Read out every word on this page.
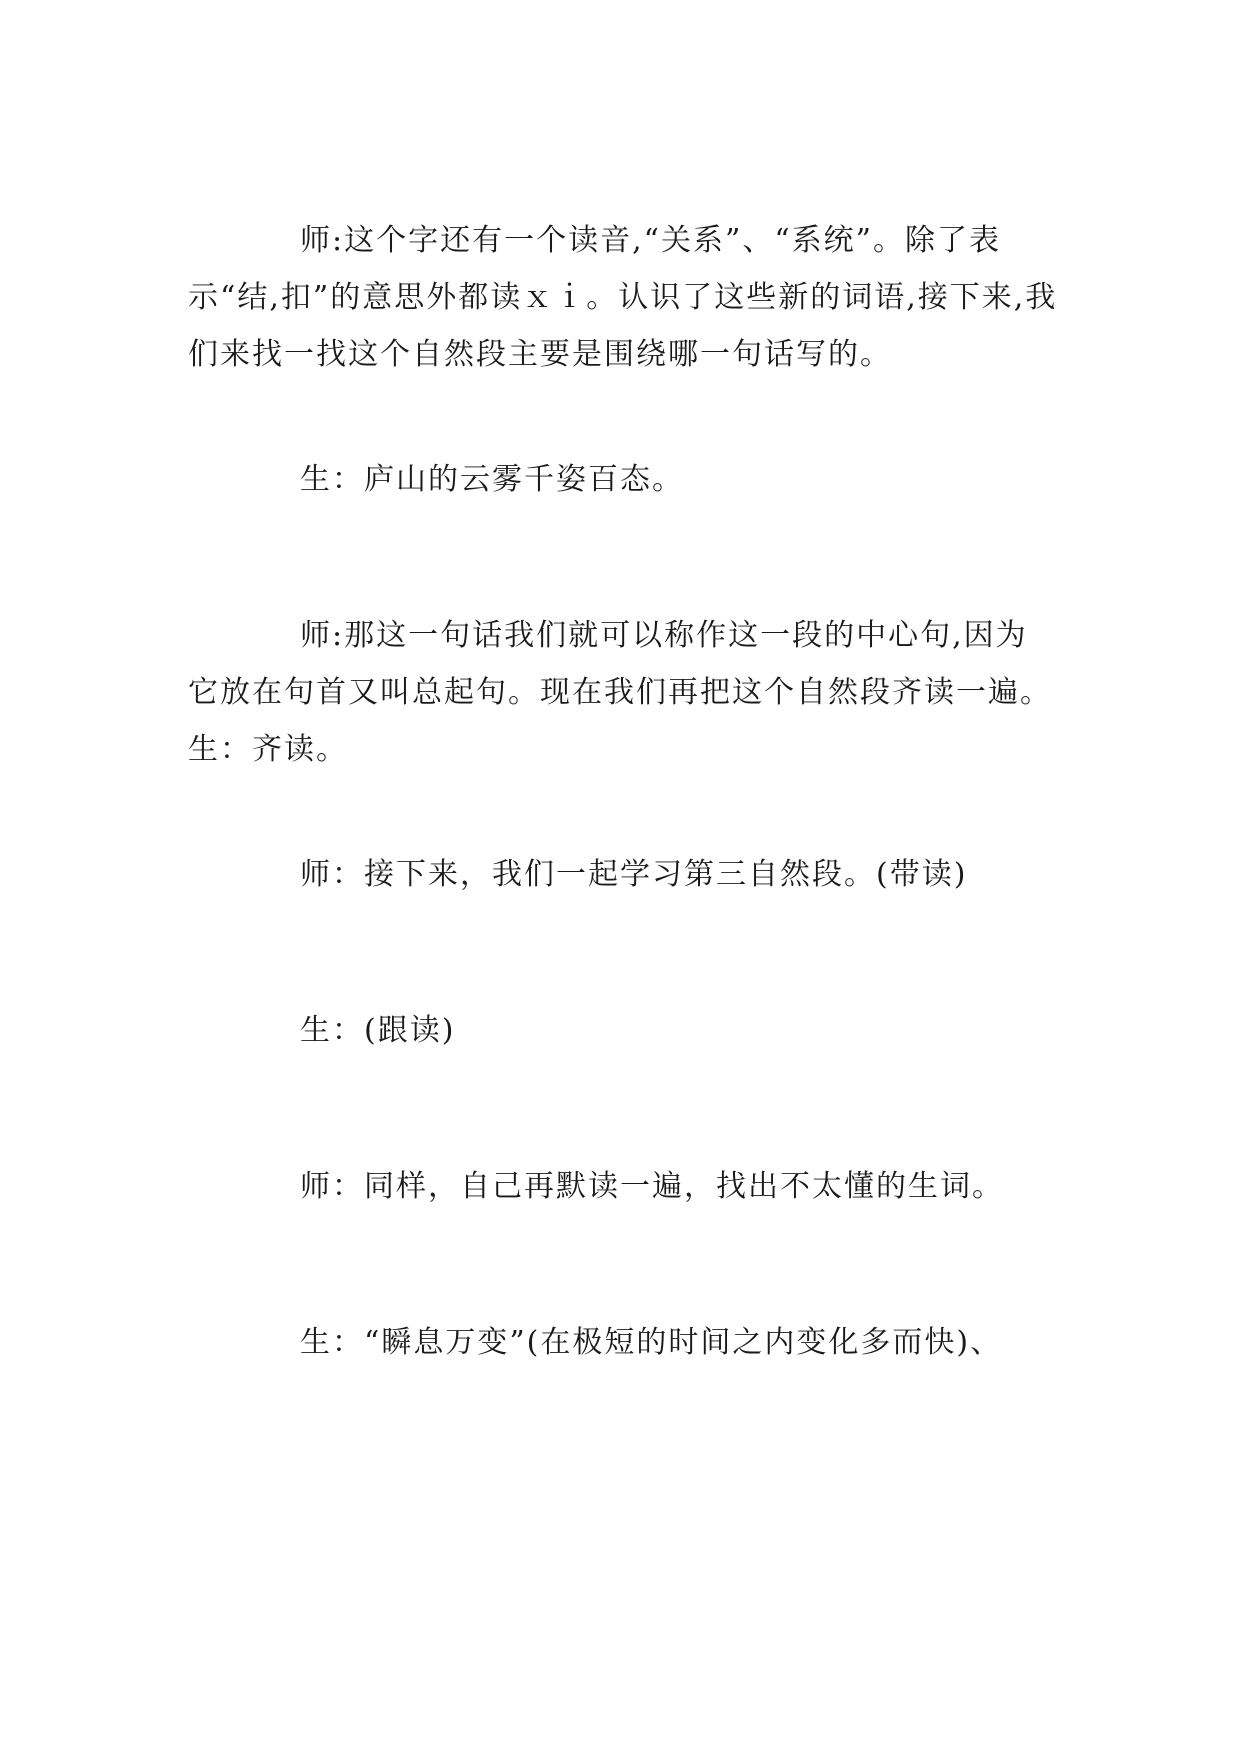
师:这个字还有一个读音,“关系”、“系统”。除了表示“结,扣”的意思外都读ｘｉ。认识了这些新的词语,接下来,我们来找一找这个自然段主要是围绕哪一句话写的。

生：庐山的云雾千姿百态。

师:那这一句话我们就可以称作这一段的中心句,因为它放在句首又叫总起句。现在我们再把这个自然段齐读一遍。生：齐读。

师：接下来，我们一起学习第三自然段。(带读)

生：(跟读)

师：同样，自己再默读一遍，找出不太懂的生词。

生：“瞬息万变”(在极短的时间之内变化多而快)、
